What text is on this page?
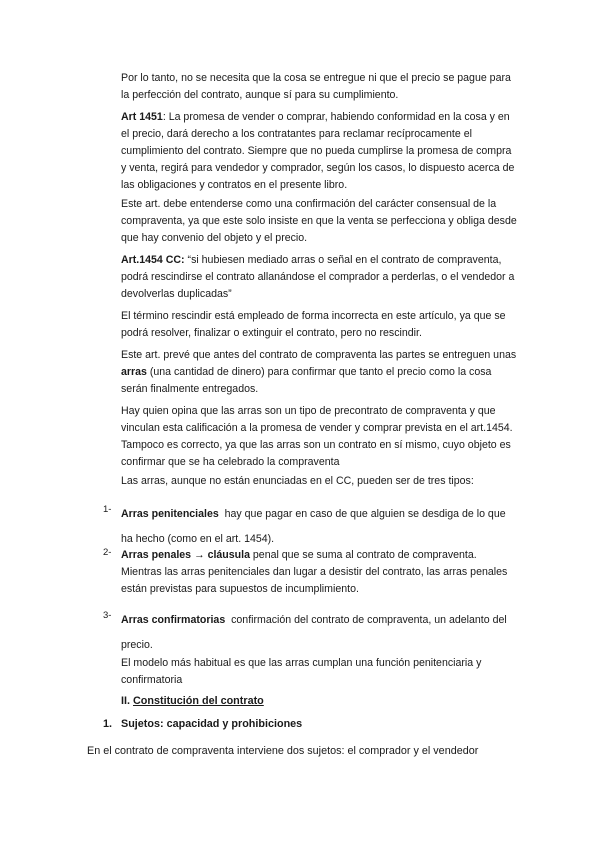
Por lo tanto, no se necesita que la cosa se entregue ni que el precio se pague para la perfección del contrato, aunque sí para su cumplimiento.

Art 1451: La promesa de vender o comprar, habiendo conformidad en la cosa y en el precio, dará derecho a los contratantes para reclamar recíprocamente el cumplimiento del contrato. Siempre que no pueda cumplirse la promesa de compra y venta, regirá para vendedor y comprador, según los casos, lo dispuesto acerca de las obligaciones y contratos en el presente libro.

Este art. debe entenderse como una confirmación del carácter consensual de la compraventa, ya que este solo insiste en que la venta se perfecciona y obliga desde que hay convenio del objeto y el precio.

Art.1454 CC: “si hubiesen mediado arras o señal en el contrato de compraventa, podrá rescindirse el contrato allanándose el comprador a perderlas, o el vendedor a devolverlas duplicadas”

El término rescindir está empleado de forma incorrecta en este artículo, ya que se podrá resolver, finalizar o extinguir el contrato, pero no rescindir.

Este art. prevé que antes del contrato de compraventa las partes se entreguen unas arras (una cantidad de dinero) para confirmar que tanto el precio como la cosa serán finalmente entregados.

Hay quien opina que las arras son un tipo de precontrato de compraventa y que vinculan esta calificación a la promesa de vender y comprar prevista en el art.1454. Tampoco es correcto, ya que las arras son un contrato en sí mismo, cuyo objeto es confirmar que se ha celebrado la compraventa

Las arras, aunque no están enunciadas en el CC, pueden ser de tres tipos:

1- Arras penitenciales  hay que pagar en caso de que alguien se desdiga de lo que ha hecho (como en el art. 1454).
2- Arras penales → cláusula penal que se suma al contrato de compraventa. Mientras las arras penitenciales dan lugar a desistir del contrato, las arras penales están previstas para supuestos de incumplimiento.
3- Arras confirmatorias  confirmación del contrato de compraventa, un adelanto del precio.

El modelo más habitual es que las arras cumplan una función penitenciaria y confirmatoria

II. Constitución del contrato

1. Sujetos: capacidad y prohibiciones

En el contrato de compraventa interviene dos sujetos: el comprador y el vendedor
